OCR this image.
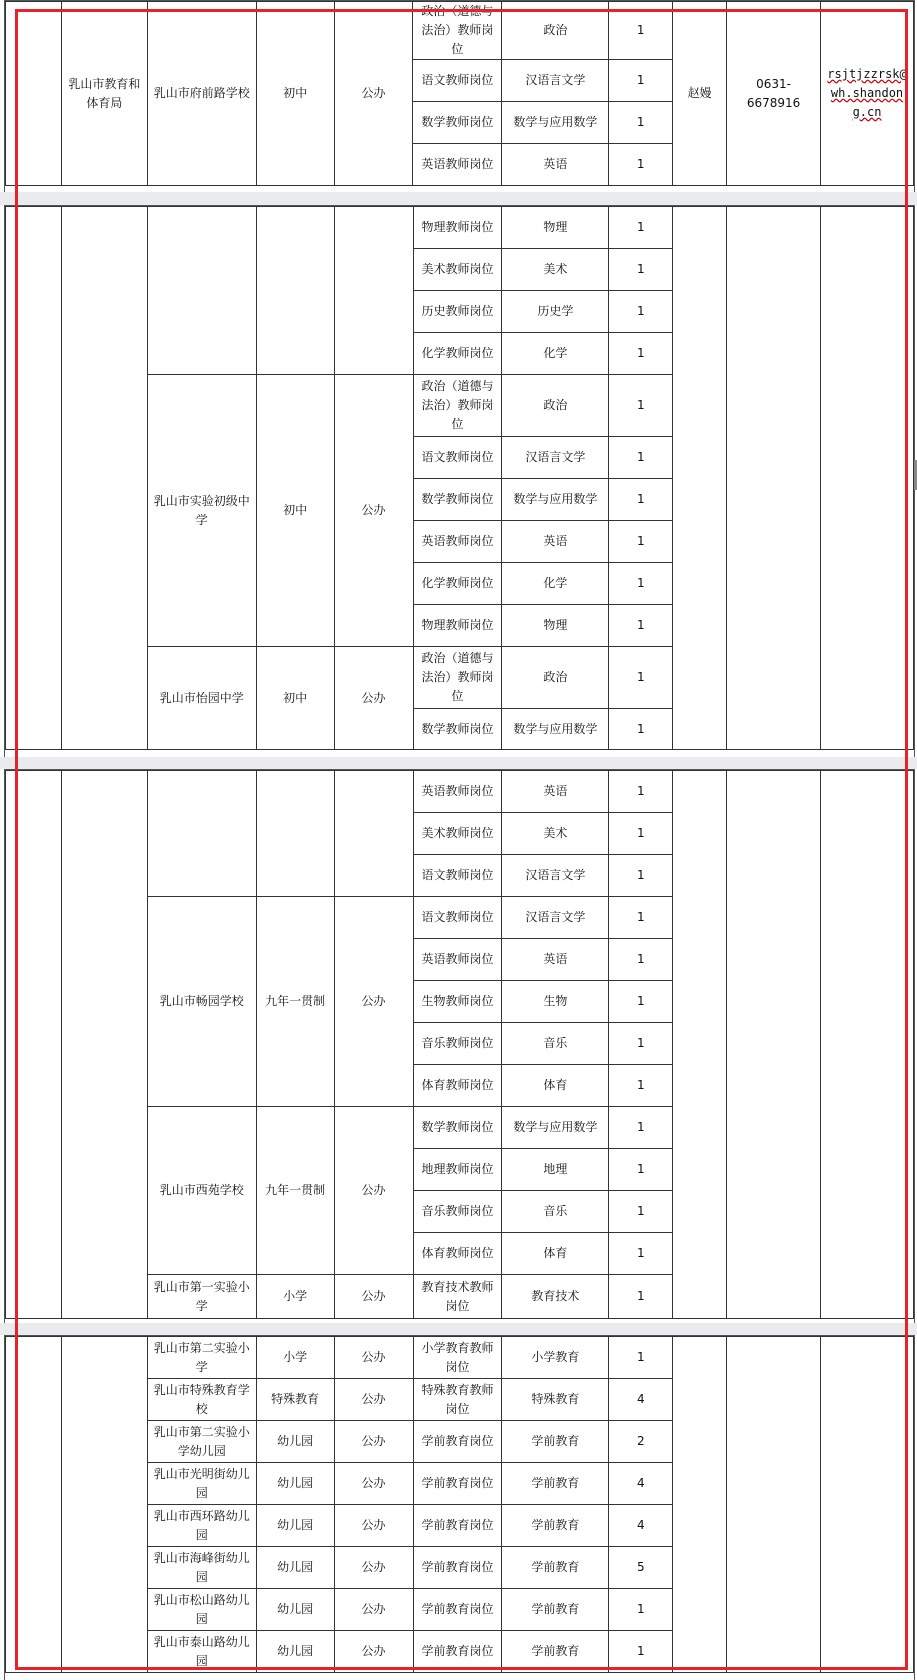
	乳山市教育和体育局	乳山市府前路学校	初中	公办	政治（道德与法治）教师岗位	政治	1	赵嫚	0631-6678916	rsjtjzzrsk@wh.shandong.cn
					语文教师岗位	汉语言文学	1			
					数学教师岗位	数学与应用数学	1			
					英语教师岗位	英语	1			
					物理教师岗位	物理	1			
					美术教师岗位	美术	1			
					历史教师岗位	历史学	1			
					化学教师岗位	化学	1			
		乳山市实验初级中学	初中	公办	政治（道德与法治）教师岗位	政治	1			
					语文教师岗位	汉语言文学	1			
					数学教师岗位	数学与应用数学	1			
					英语教师岗位	英语	1			
					化学教师岗位	化学	1			
					物理教师岗位	物理	1			
		乳山市怡园中学	初中	公办	政治（道德与法治）教师岗位	政治	1			
					数学教师岗位	数学与应用数学	1			
					英语教师岗位	英语	1			
					美术教师岗位	美术	1			
					语文教师岗位	汉语言文学	1			
		乳山市畅园学校	九年一贯制	公办	语文教师岗位	汉语言文学	1			
					英语教师岗位	英语	1			
					生物教师岗位	生物	1			
					音乐教师岗位	音乐	1			
					体育教师岗位	体育	1			
		乳山市西苑学校	九年一贯制	公办	数学教师岗位	数学与应用数学	1			
					地理教师岗位	地理	1			
					音乐教师岗位	音乐	1			
					体育教师岗位	体育	1			
		乳山市第一实验小学	小学	公办	教育技术教师岗位	教育技术	1			
		乳山市第二实验小学	小学	公办	小学教育教师岗位	小学教育	1			
		乳山市特殊教育学校	特殊教育	公办	特殊教育教师岗位	特殊教育	4			
		乳山市第二实验小学幼儿园	幼儿园	公办	学前教育岗位	学前教育	2			
		乳山市光明街幼儿园	幼儿园	公办	学前教育岗位	学前教育	4			
		乳山市西环路幼儿园	幼儿园	公办	学前教育岗位	学前教育	4			
		乳山市海峰街幼儿园	幼儿园	公办	学前教育岗位	学前教育	5			
		乳山市松山路幼儿园	幼儿园	公办	学前教育岗位	学前教育	1			
		乳山市泰山路幼儿园	幼儿园	公办	学前教育岗位	学前教育	1			
